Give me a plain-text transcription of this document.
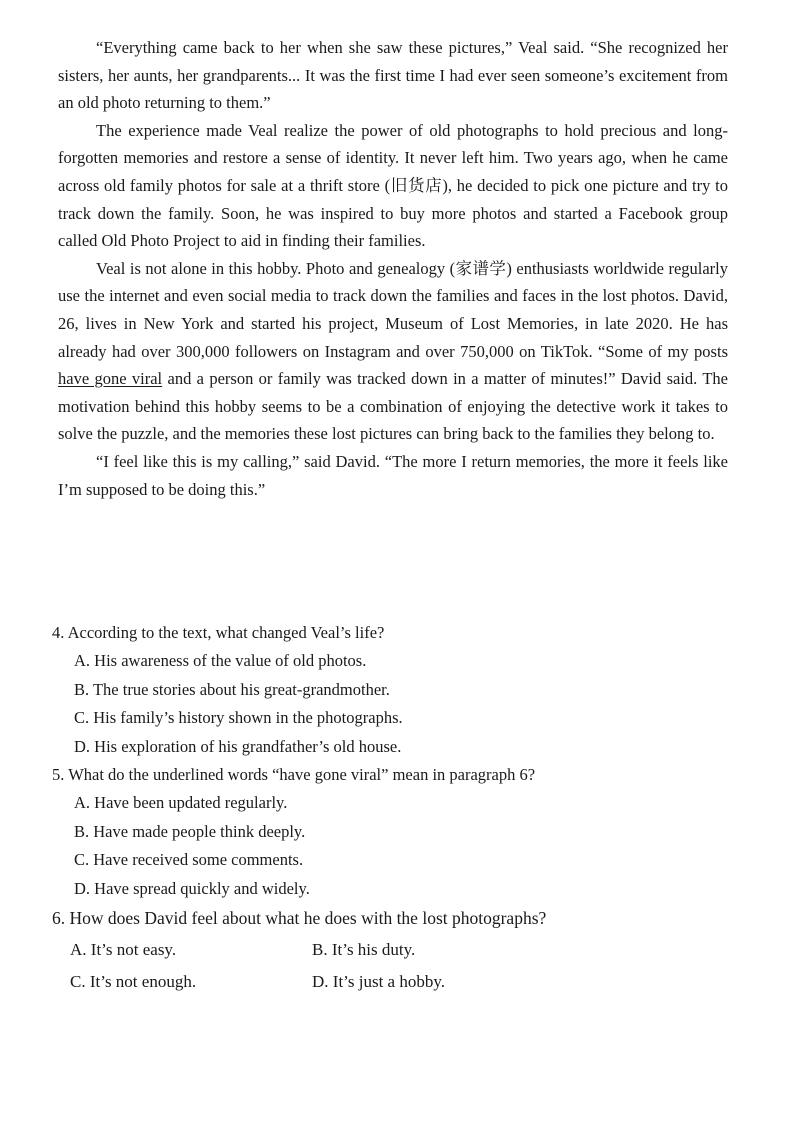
“Everything came back to her when she saw these pictures,” Veal said. “She recognized her sisters, her aunts, her grandparents... It was the first time I had ever seen someone’s excitement from an old photo returning to them.”

The experience made Veal realize the power of old photographs to hold precious and long-forgotten memories and restore a sense of identity. It never left him. Two years ago, when he came across old family photos for sale at a thrift store (旧货店), he decided to pick one picture and try to track down the family. Soon, he was inspired to buy more photos and started a Facebook group called Old Photo Project to aid in finding their families.

Veal is not alone in this hobby. Photo and genealogy (家谱学) enthusiasts worldwide regularly use the internet and even social media to track down the families and faces in the lost photos. David, 26, lives in New York and started his project, Museum of Lost Memories, in late 2020. He has already had over 300,000 followers on Instagram and over 750,000 on TikTok. “Some of my posts have gone viral and a person or family was tracked down in a matter of minutes!” David said. The motivation behind this hobby seems to be a combination of enjoying the detective work it takes to solve the puzzle, and the memories these lost pictures can bring back to the families they belong to.

“I feel like this is my calling,” said David. “The more I return memories, the more it feels like I’m supposed to be doing this.”

4. According to the text, what changed Veal’s life?

A. His awareness of the value of old photos.

B. The true stories about his great-grandmother.

C. His family’s history shown in the photographs.

D. His exploration of his grandfather’s old house.

5. What do the underlined words “have gone viral” mean in paragraph 6?

A. Have been updated regularly.

B. Have made people think deeply.

C. Have received some comments.

D. Have spread quickly and widely.

6. How does David feel about what he does with the lost photographs?

A. It’s not easy.	B. It’s his duty.
C. It’s not enough.	D. It’s just a hobby.
